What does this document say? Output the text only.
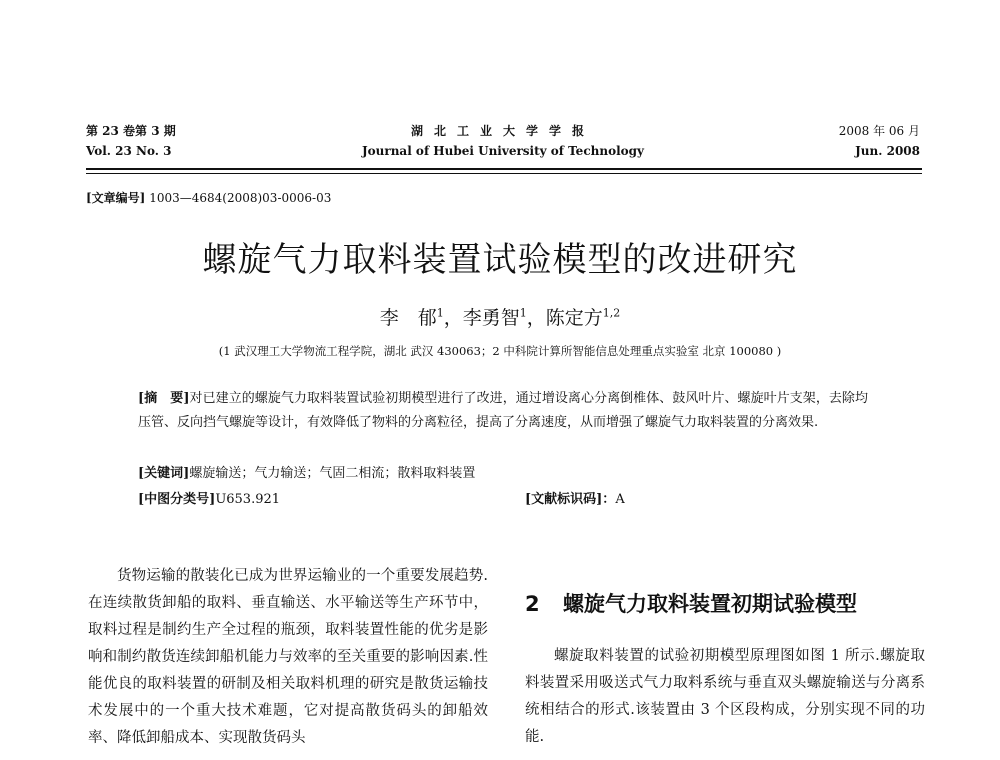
第 23 卷第 3 期
Vol. 23 No. 3
湖北工业大学学报
Journal of Hubei University of Technology
2008 年 06 月
Jun. 2008
[文章编号] 1003—4684(2008)03-0006-03
螺旋气力取料装置试验模型的改进研究
李　郁$^1$，李勇智$^1$，陈定方$^{1,2}$
(1 武汉理工大学物流工程学院，湖北 武汉 430063；2 中科院计算所智能信息处理重点实验室 北京 100080 )
[摘　要]对已建立的螺旋气力取料装置试验初期模型进行了改进，通过增设离心分离倒椎体、鼓风叶片、螺旋叶片支架，去除均压管、反向挡气螺旋等设计，有效降低了物料的分离粒径，提高了分离速度，从而增强了螺旋气力取料装置的分离效果.
[关键词]螺旋输送；气力输送；气固二相流；散料取料装置
[中图分类号]U653.921	[文献标识码]：A
货物运输的散装化已成为世界运输业的一个重要发展趋势.在连续散货卸船的取料、垂直输送、水平输送等生产环节中，取料过程是制约生产全过程的瓶颈，取料装置性能的优劣是影响和制约散货连续卸船机能力与效率的至关重要的影响因素.性能优良的取料装置的研制及相关取料机理的研究是散货运输技术发展中的一个重大技术难题，它对提高散货码头的卸船效率、降低卸船成本、实现散货码头
2 螺旋气力取料装置初期试验模型
螺旋取料装置的试验初期模型原理图如图 1 所示.螺旋取料装置采用吸送式气力取料系统与垂直双头螺旋输送与分离系统相结合的形式.该装置由 3 个区段构成，分别实现不同的功能.
